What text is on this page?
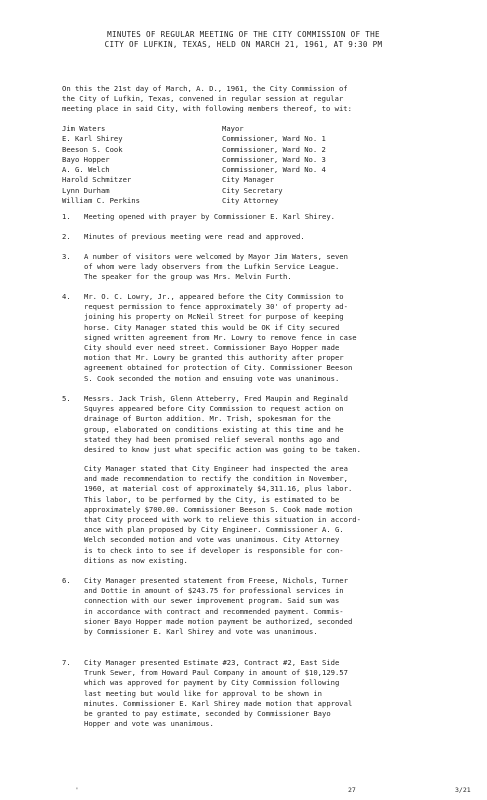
MINUTES OF REGULAR MEETING OF THE CITY COMMISSION OF THE
CITY OF LUFKIN, TEXAS, HELD ON MARCH 21, 1961, AT 9:30 PM
On this the 21st day of March, A. D., 1961, the City Commission of
the City of Lufkin, Texas, convened in regular session at regular
meeting place in said City, with following members thereof, to wit:
Jim Waters	Mayor
E. Karl Shirey	Commissioner, Ward No. 1
Beeson S. Cook	Commissioner, Ward No. 2
Bayo Hopper	Commissioner, Ward No. 3
A. G. Welch	Commissioner, Ward No. 4
Harold Schmitzer	City Manager
Lynn Durham	City Secretary
William C. Perkins	City Attorney
1. Meeting opened with prayer by Commissioner E. Karl Shirey.
2. Minutes of previous meeting were read and approved.
3. A number of visitors were welcomed by Mayor Jim Waters, seven
of whom were lady observers from the Lufkin Service League.
The speaker for the group was Mrs. Melvin Furth.
4. Mr. O. C. Lowry, Jr., appeared before the City Commission to
request permission to fence approximately 30' of property ad-
joining his property on McNeil Street for purpose of keeping
horse. City Manager stated this would be OK if City secured
signed written agreement from Mr. Lowry to remove fence in case
City should ever need street. Commissioner Bayo Hopper made
motion that Mr. Lowry be granted this authority after proper
agreement obtained for protection of City. Commissioner Beeson
S. Cook seconded the motion and ensuing vote was unanimous.
5. Messrs. Jack Trish, Glenn Atteberry, Fred Maupin and Reginald
Squyres appeared before City Commission to request action on
drainage of Burton addition. Mr. Trish, spokesman for the
group, elaborated on conditions existing at this time and he
stated they had been promised relief several months ago and
desired to know just what specific action was going to be taken.
City Manager stated that City Engineer had inspected the area
and made recommendation to rectify the condition in November,
1960, at material cost of approximately $4,311.16, plus labor.
This labor, to be performed by the City, is estimated to be
approximately $700.00. Commissioner Beeson S. Cook made motion
that City proceed with work to relieve this situation in accord-
ance with plan proposed by City Engineer. Commissioner A. G.
Welch seconded motion and vote was unanimous. City Attorney
is to check into to see if developer is responsible for con-
ditions as now existing.
6. City Manager presented statement from Freese, Nichols, Turner
and Dottie in amount of $243.75 for professional services in
connection with our sewer improvement program. Said sum was
in accordance with contract and recommended payment. Commis-
sioner Bayo Hopper made motion payment be authorized, seconded
by Commissioner E. Karl Shirey and vote was unanimous.
7. City Manager presented Estimate #23, Contract #2, East Side
Trunk Sewer, from Howard Paul Company in amount of $10,129.57
which was approved for payment by City Commission following
last meeting but would like for approval to be shown in
minutes. Commissioner E. Karl Shirey made motion that approval
be granted to pay estimate, seconded by Commissioner Bayo
Hopper and vote was unanimous.
'	27	3/21
